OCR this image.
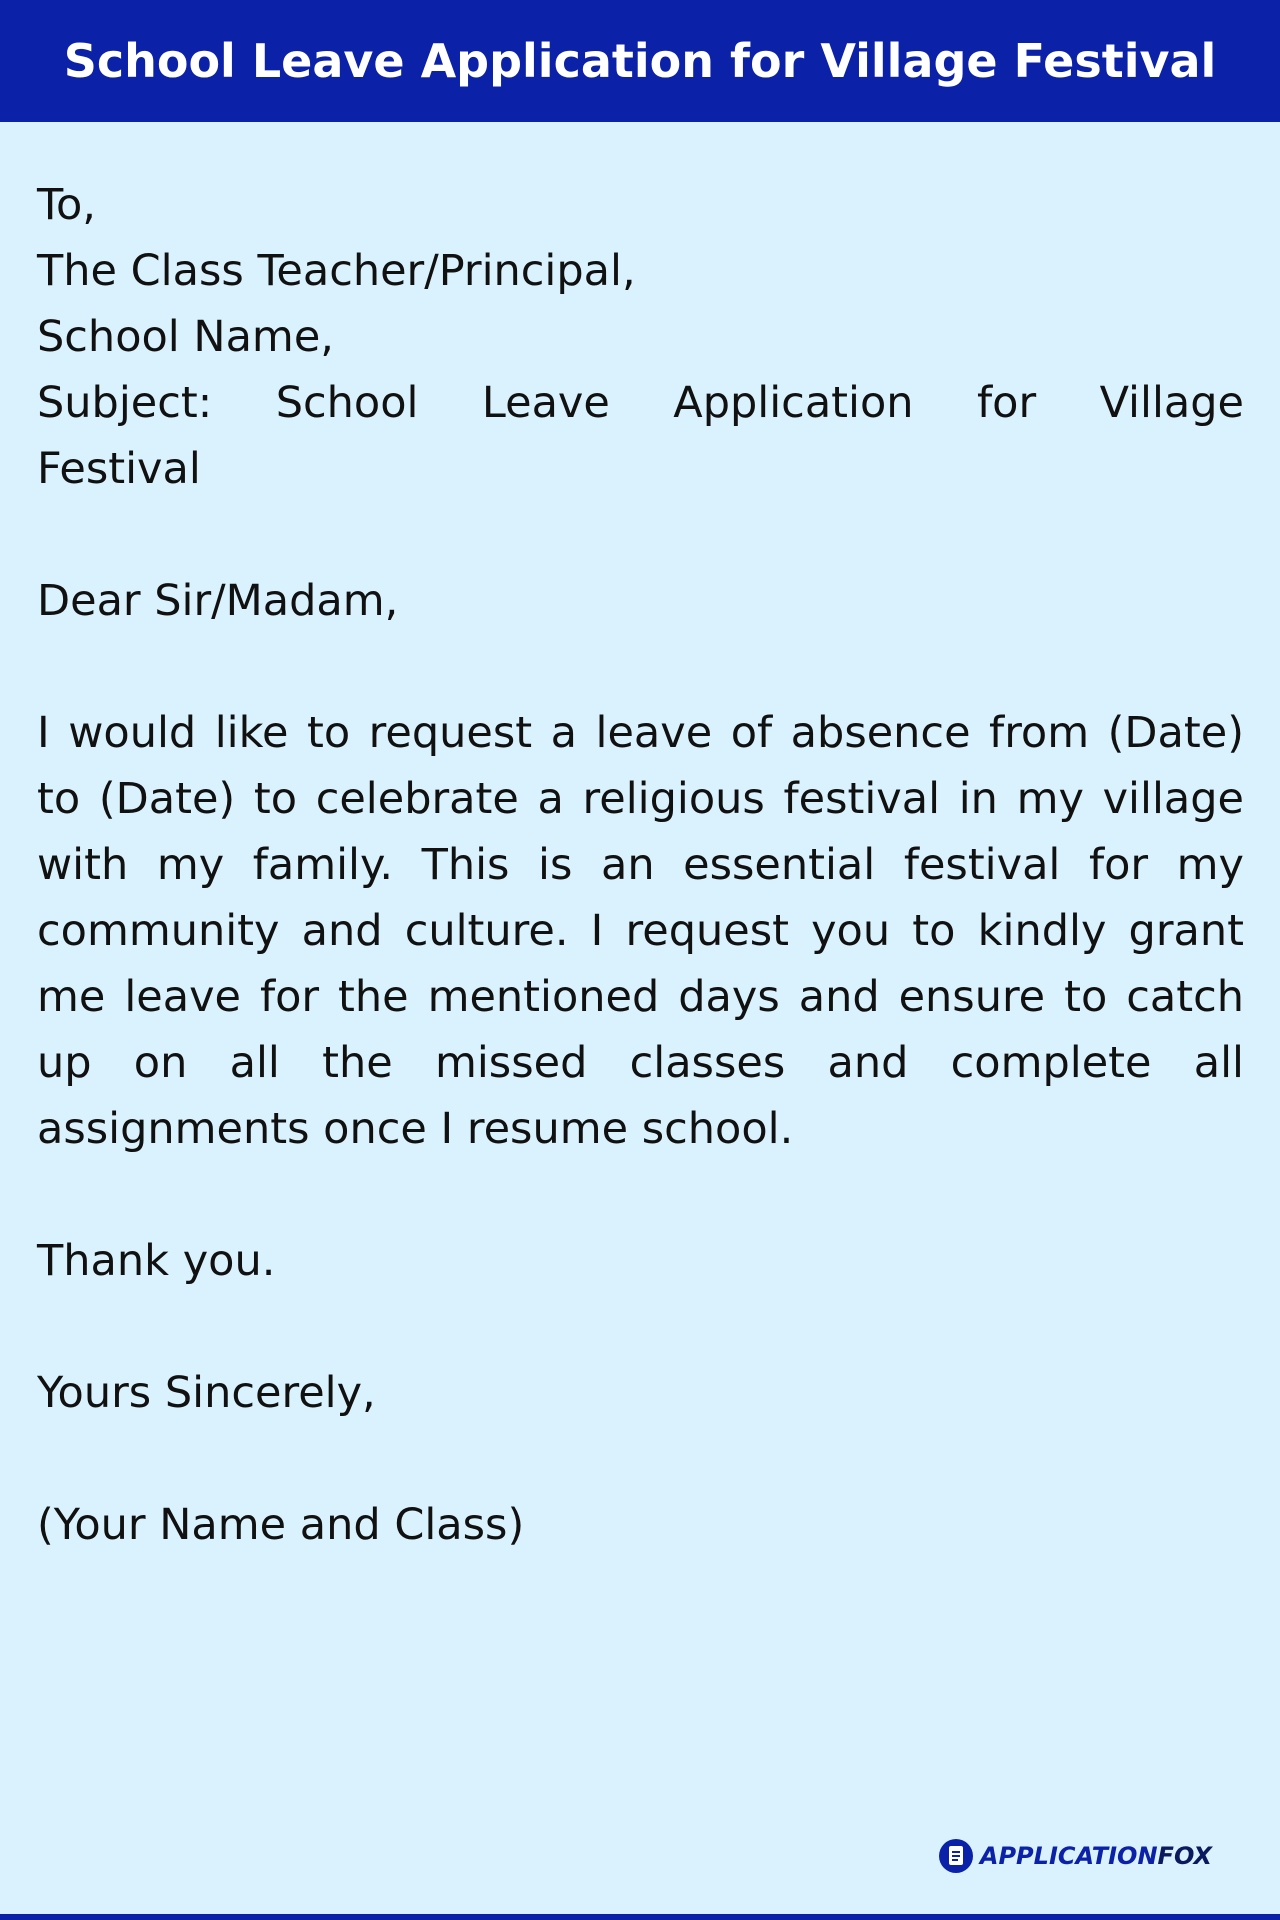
School Leave Application for Village Festival
To,
The Class Teacher/Principal,
School Name,
Subject: School Leave Application for Village Festival
Dear Sir/Madam,
I would like to request a leave of absence from (Date) to (Date) to celebrate a religious festival in my village with my family. This is an essential festival for my community and culture. I request you to kindly grant me leave for the mentioned days and ensure to catch up on all the missed classes and complete all assignments once I resume school.
Thank you.
Yours Sincerely,
(Your Name and Class)
APPLICATIONFOX
